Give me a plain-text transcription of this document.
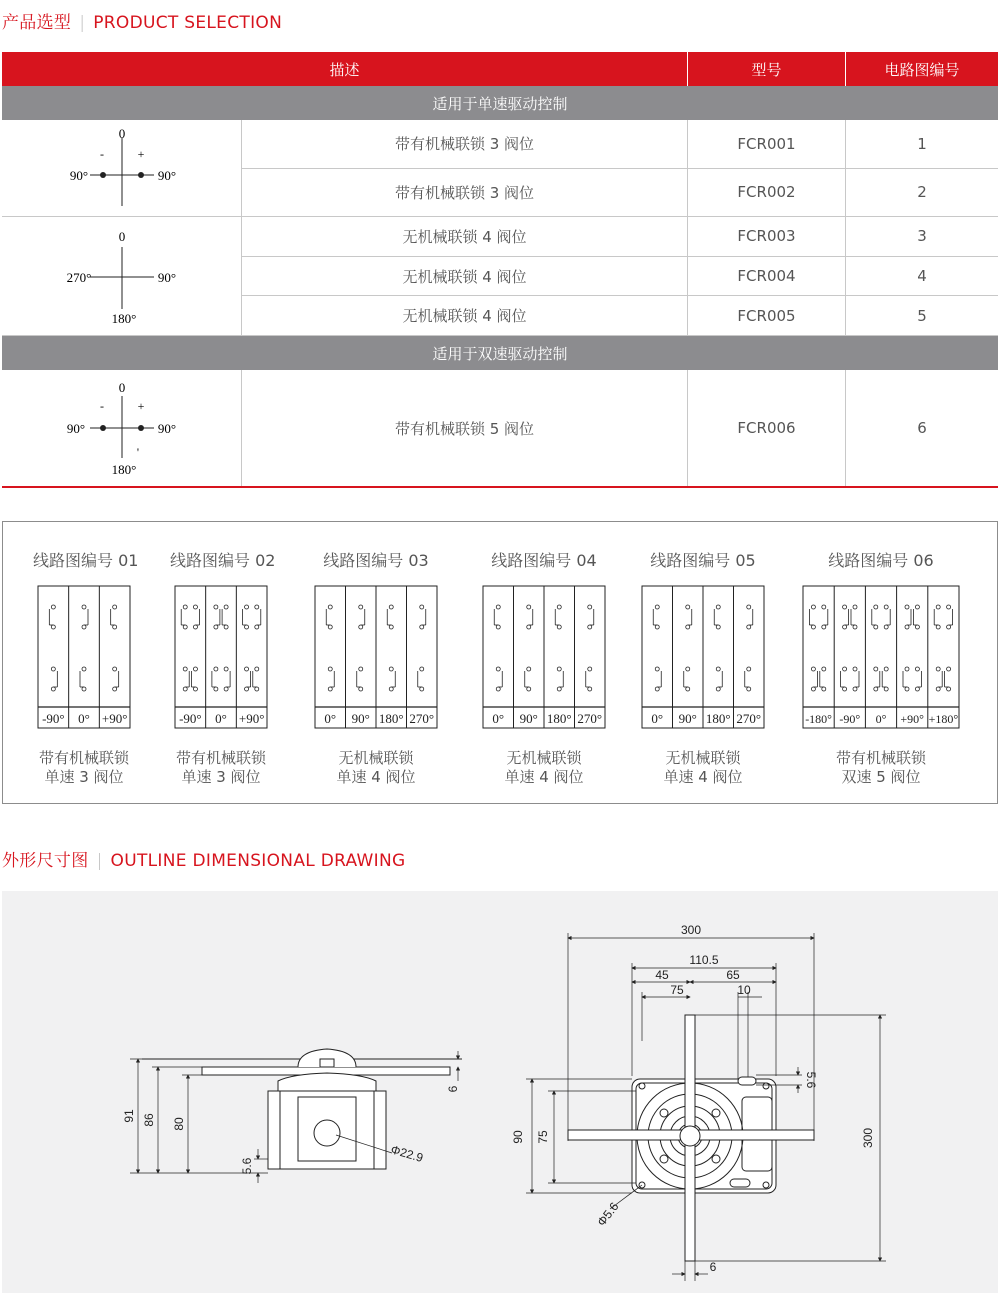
产品选型 | PRODUCT SELECTION
描述	型号	电路图编号
适用于单速驱动控制
0
-	+
90°	90°
带有机械联锁 3 阀位	FCR001	1
带有机械联锁 3 阀位	FCR002	2
0
270°	90°
180°
无机械联锁 4 阀位	FCR003	3
无机械联锁 4 阀位	FCR004	4
无机械联锁 4 阀位	FCR005	5
适用于双速驱动控制
0
-	+
90°	90°
'
180°
带有机械联锁 5 阀位	FCR006	6
线路图编号 01
-90° 0° +90°
带有机械联锁
单速 3 阀位
线路图编号 02
-90° 0° +90°
带有机械联锁
单速 3 阀位
线路图编号 03
0° 90° 180° 270°
无机械联锁
单速 4 阀位
线路图编号 04
0° 90° 180° 270°
无机械联锁
单速 4 阀位
线路图编号 05
0° 90° 180° 270°
无机械联锁
单速 4 阀位
线路图编号 06
-180° -90° 0° +90° +180°
带有机械联锁
双速 5 阀位
外形尺寸图 | OUTLINE DIMENSIONAL DRAWING
91 86 80
5.6
6
Φ22.9
300
110.5
45	65
75	10
90 75	300
Φ5.6
6
5.6
